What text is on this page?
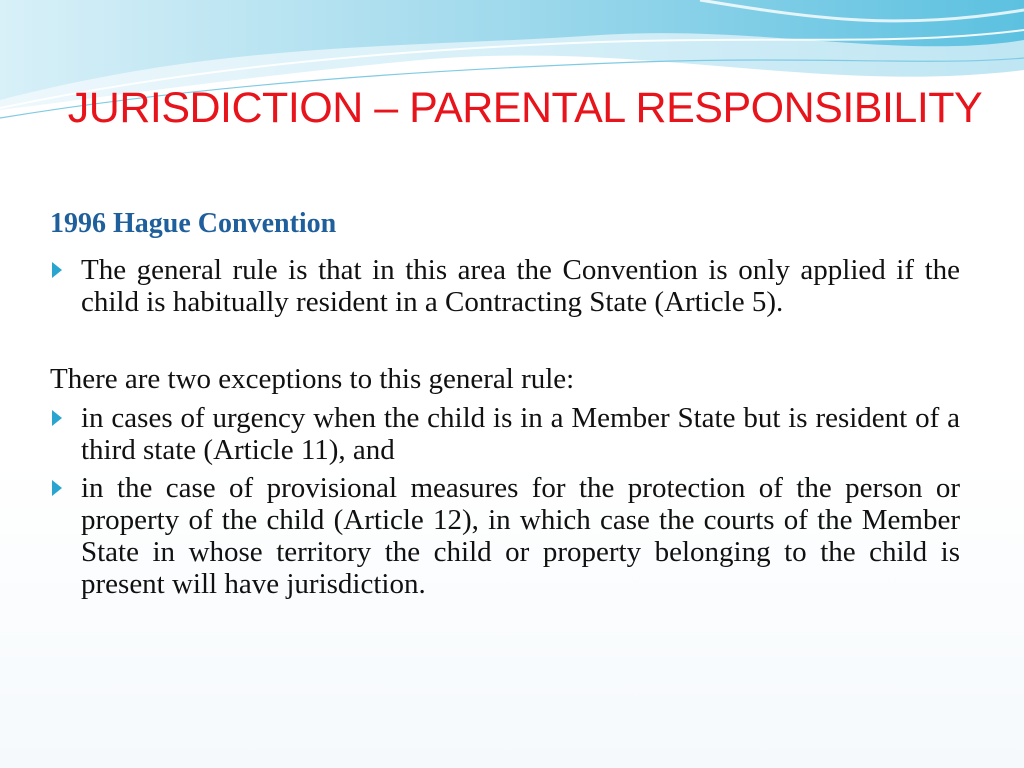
JURISDICTION – PARENTAL RESPONSIBILITY
1996 Hague Convention
The general rule is that in this area the Convention is only applied if the child is habitually resident in a Contracting State (Article 5).
There are two exceptions to this general rule:
in cases of urgency when the child is in a Member State but is resident of a third state (Article 11), and
in the case of provisional measures for the protection of the person or property of the child (Article 12), in which case the courts of the Member State in whose territory the child or property belonging to the child is present will have jurisdiction.
